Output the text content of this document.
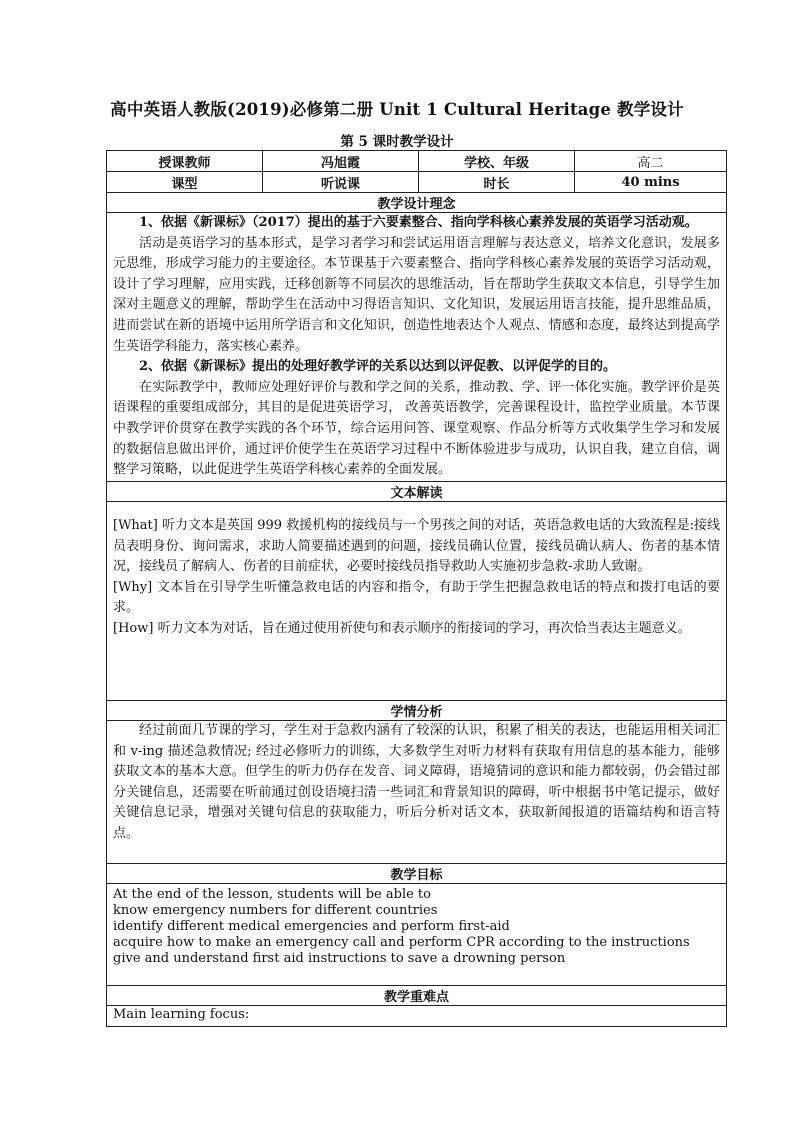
高中英语人教版(2019)必修第二册 Unit 1 Cultural Heritage 教学设计
第 5 课时教学设计
授课教师	冯旭霞	学校、年级	高二
课型	听说课	时长	40 mins
教学设计理念			

1、依据《新课标》（2017）提出的基于六要素整合、指向学科核心素养发展的英语学习活动观。

活动是英语学习的基本形式，是学习者学习和尝试运用语言理解与表达意义，培养文化意识，发展多元思维，形成学习能力的主要途径。本节课基于六要素整合、指向学科核心素养发展的英语学习活动观，设计了学习理解，应用实践，迁移创新等不同层次的思维活动，旨在帮助学生获取文本信息，引导学生加深对主题意义的理解，帮助学生在活动中习得语言知识、文化知识，发展运用语言技能，提升思维品质，进而尝试在新的语境中运用所学语言和文化知识，创造性地表达个人观点、情感和态度，最终达到提高学生英语学科能力，落实核心素养。

2、依据《新课标》提出的处理好教学评的关系以达到以评促教、以评促学的目的。

在实际教学中，教师应处理好评价与教和学之间的关系，推动教、学、评一体化实施。教学评价是英语课程的重要组成部分，其目的是促进英语学习， 改善英语教学，完善课程设计，监控学业质量。本节课中教学评价贯穿在教学实践的各个环节，综合运用问答、课堂观察、作品分析等方式收集学生学习和发展的数据信息做出评价，通过评价使学生在英语学习过程中不断体验进步与成功，认识自我，建立自信，调整学习策略，以此促进学生英语学科核心素养的全面发展。			

文本解读			

[What] 听力文本是英国 999 救援机构的接线员与一个男孩之间的对话，英语急救电话的大致流程是:接线员表明身份、询问需求，求助人简要描述遇到的问题，接线员确认位置，接线员确认病人、伤者的基本情况，接线员了解病人、伤者的目前症状，必要时接线员指导救助人实施初步急救-求助人致谢。

[Why] 文本旨在引导学生听懂急救电话的内容和指令，有助于学生把握急救电话的特点和拨打电话的要求。

[How] 听力文本为对话，旨在通过使用祈使句和表示顺序的衔接词的学习，再次恰当表达主题意义。			

学情分析			

经过前面几节课的学习，学生对于急救内涵有了较深的认识，积累了相关的表达，也能运用相关词汇和 v-ing 描述急救情况; 经过必修听力的训练，大多数学生对听力材料有获取有用信息的基本能力，能够获取文本的基本大意。但学生的听力仍存在发音、词义障碍，语境猜词的意识和能力都较弱，仍会错过部分关键信息，还需要在听前通过创设语境扫清一些词汇和背景知识的障碍，听中根据书中笔记提示，做好关键信息记录，增强对关键句信息的获取能力，听后分析对话文本，获取新闻报道的语篇结构和语言特点。			

教学目标			

At the end of the lesson, students will be able to

know emergency numbers for different countries

identify different medical emergencies and perform first-aid

acquire how to make an emergency call and perform CPR according to the instructions

give and understand first aid instructions to save a drowning person			

教学重难点			

Main learning focus:			
